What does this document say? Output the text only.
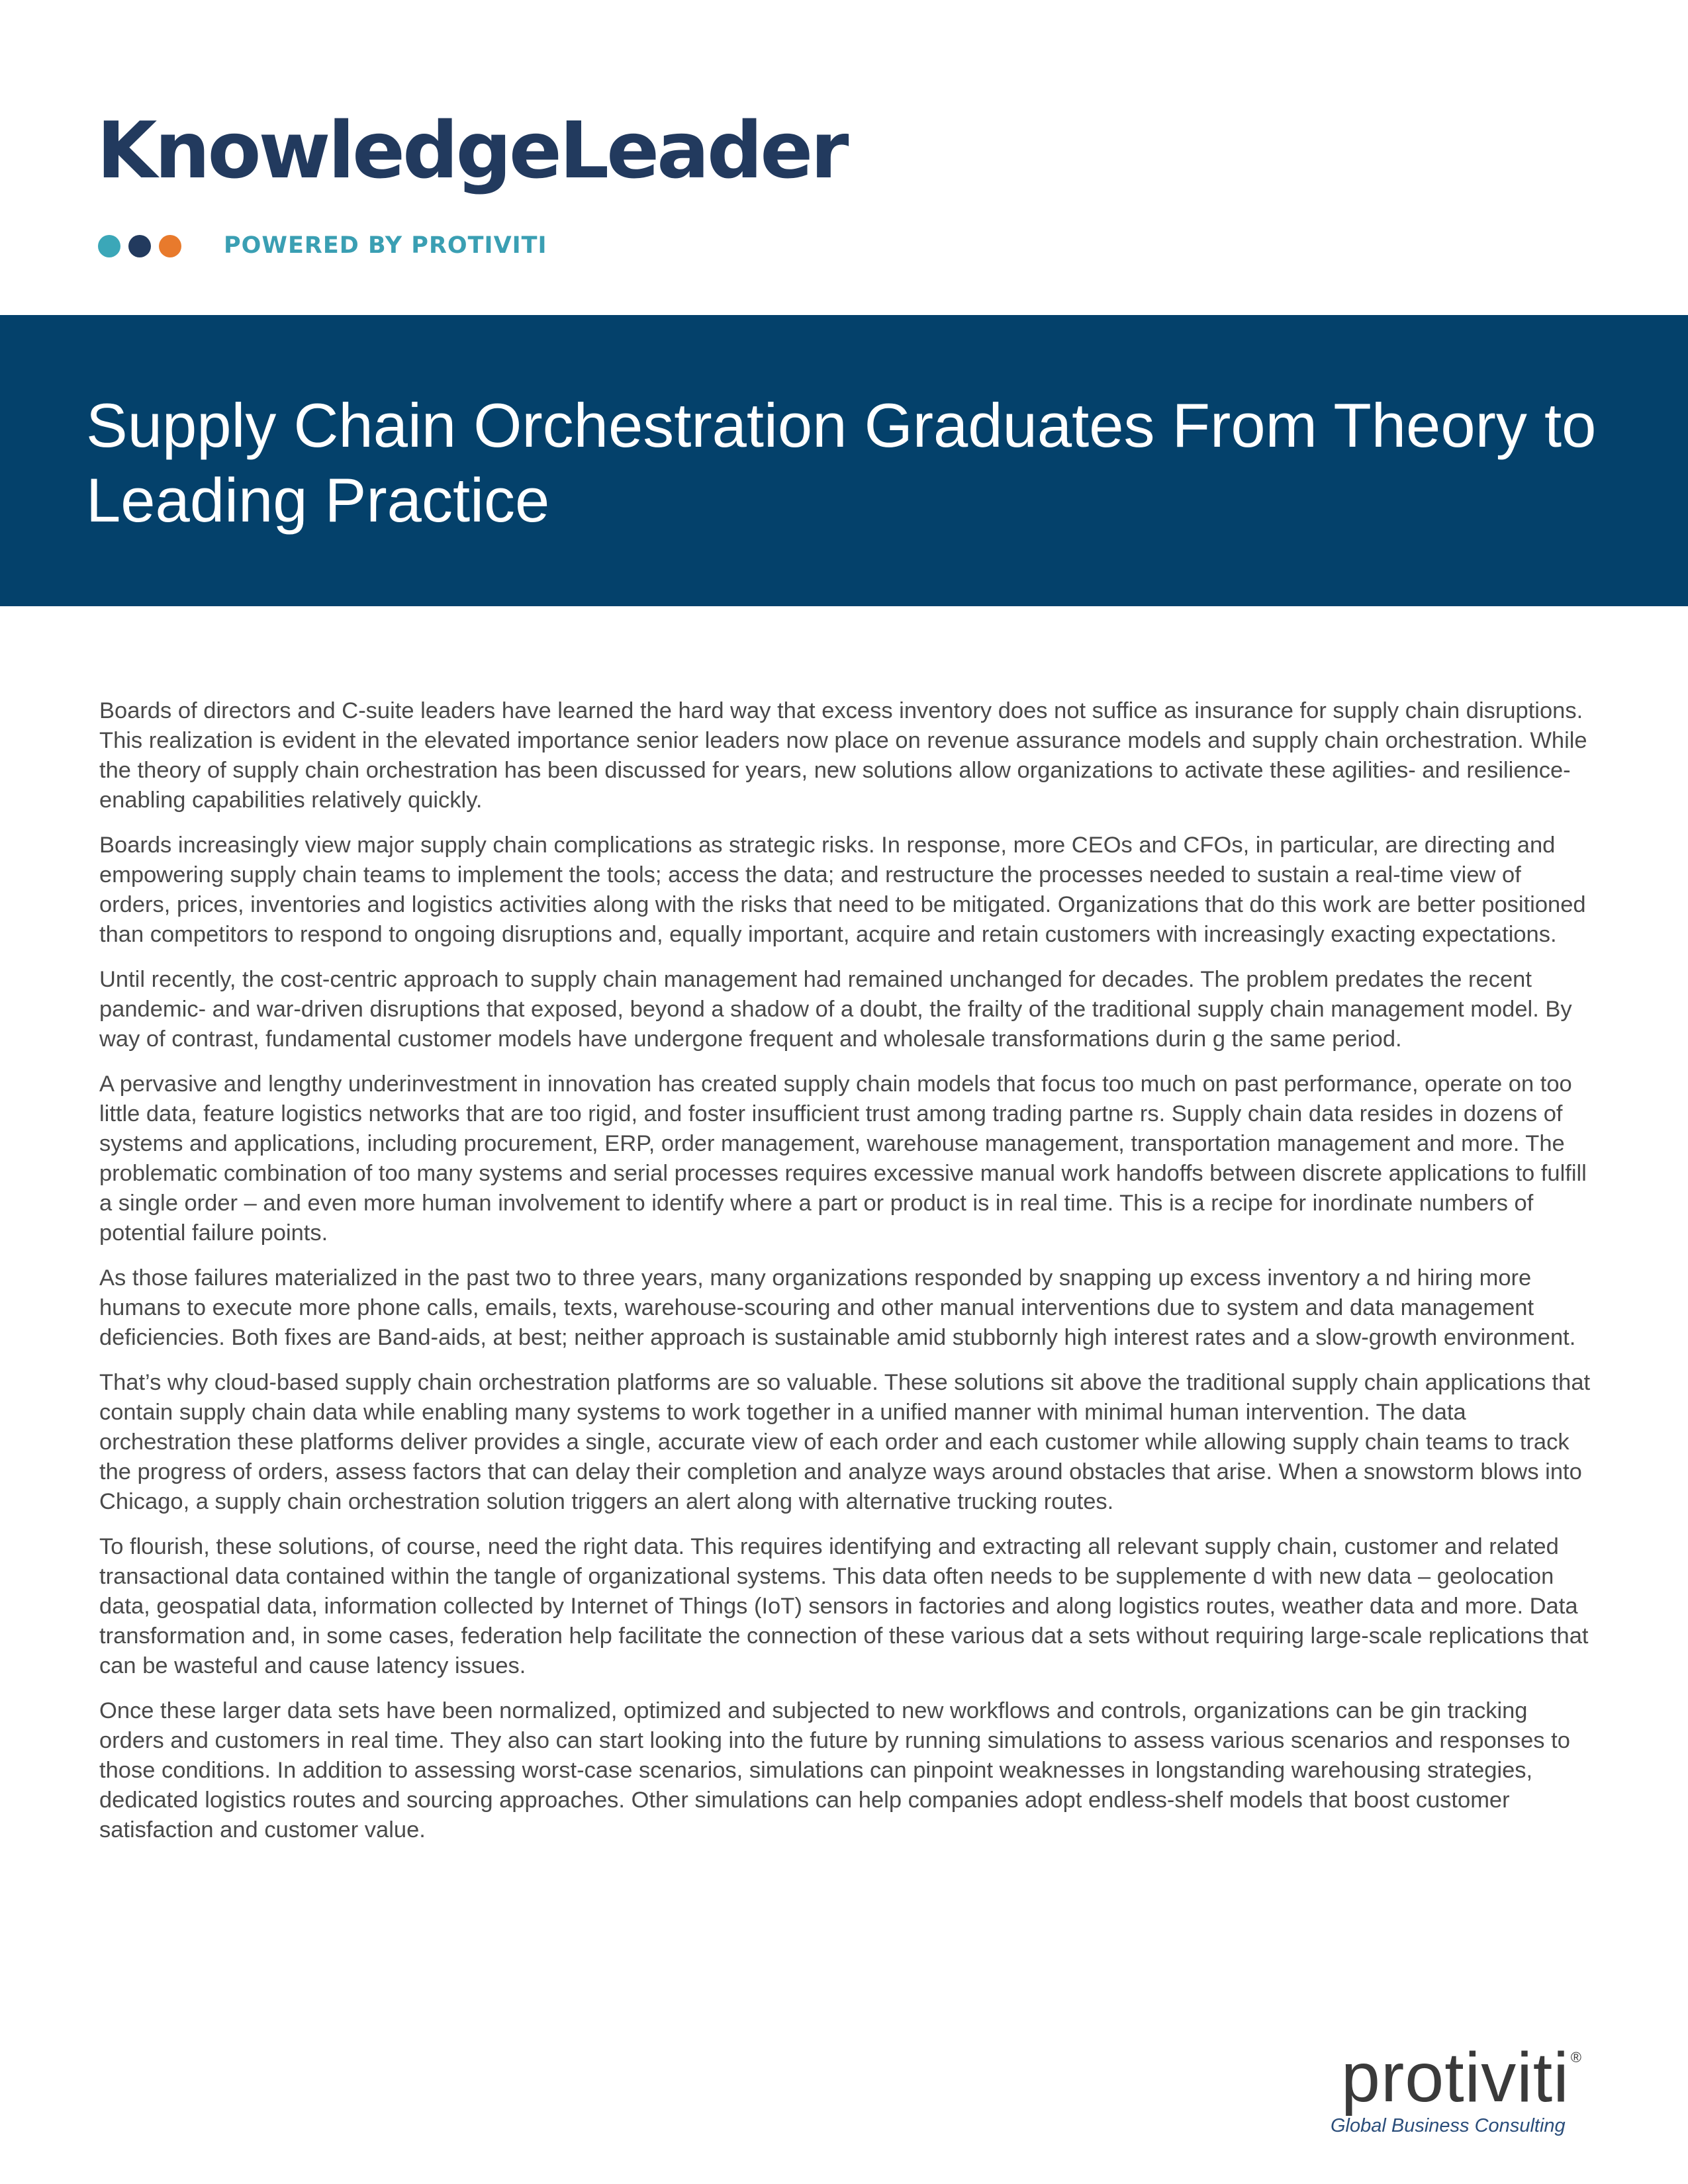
KnowledgeLeader
POWERED BY PROTIVITI
Supply Chain Orchestration Graduates From Theory to Leading Practice

Boards of directors and C-suite leaders have learned the hard way that excess inventory does not suffice as insurance for supply chain disruptions. This realization is evident in the elevated importance senior leaders now place on revenue assurance models and supply chain orchestration. While the theory of supply chain orchestration has been discussed for years, new solutions allow organizations to activate these agilities- and resilience-enabling capabilities relatively quickly.

Boards increasingly view major supply chain complications as strategic risks. In response, more CEOs and CFOs, in particular, are directing and empowering supply chain teams to implement the tools; access the data; and restructure the processes needed to sustain a real-time view of orders, prices, inventories and logistics activities along with the risks that need to be mitigated. Organizations that do this work are better positioned than competitors to respond to ongoing disruptions and, equally important, acquire and retain customers with increasingly exacting expectations.

Until recently, the cost-centric approach to supply chain management had remained unchanged for decades. The problem predates the recent pandemic- and war-driven disruptions that exposed, beyond a shadow of a doubt, the frailty of the traditional supply chain management model. By way of contrast, fundamental customer models have undergone frequent and wholesale transformations durin g the same period.

A pervasive and lengthy underinvestment in innovation has created supply chain models that focus too much on past performance, operate on too little data, feature logistics networks that are too rigid, and foster insufficient trust among trading partne rs. Supply chain data resides in dozens of systems and applications, including procurement, ERP, order management, warehouse management, transportation management and more. The problematic combination of too many systems and serial processes requires excessive manual work handoffs between discrete applications to fulfill a single order – and even more human involvement to identify where a part or product is in real time. This is a recipe for inordinate numbers of potential failure points.

As those failures materialized in the past two to three years, many organizations responded by snapping up excess inventory a nd hiring more humans to execute more phone calls, emails, texts, warehouse-scouring and other manual interventions due to system and data management deficiencies. Both fixes are Band-aids, at best; neither approach is sustainable amid stubbornly high interest rates and a slow-growth environment.

That’s why cloud-based supply chain orchestration platforms are so valuable. These solutions sit above the traditional supply chain applications that contain supply chain data while enabling many systems to work together in a unified manner with minimal human intervention. The data orchestration these platforms deliver provides a single, accurate view of each order and each customer while allowing supply chain teams to track the progress of orders, assess factors that can delay their completion and analyze ways around obstacles that arise. When a snowstorm blows into Chicago, a supply chain orchestration solution triggers an alert along with alternative trucking routes.

To flourish, these solutions, of course, need the right data. This requires identifying and extracting all relevant supply chain, customer and related transactional data contained within the tangle of organizational systems. This data often needs to be supplemente d with new data – geolocation data, geospatial data, information collected by Internet of Things (IoT) sensors in factories and along logistics routes, weather data and more. Data transformation and, in some cases, federation help facilitate the connection of these various dat a sets without requiring large-scale replications that can be wasteful and cause latency issues.

Once these larger data sets have been normalized, optimized and subjected to new workflows and controls, organizations can be gin tracking orders and customers in real time. They also can start looking into the future by running simulations to assess various scenarios and responses to those conditions. In addition to assessing worst-case scenarios, simulations can pinpoint weaknesses in longstanding warehousing strategies, dedicated logistics routes and sourcing approaches. Other simulations can help companies adopt endless-shelf models that boost customer satisfaction and customer value.

protiviti®
Global Business Consulting
